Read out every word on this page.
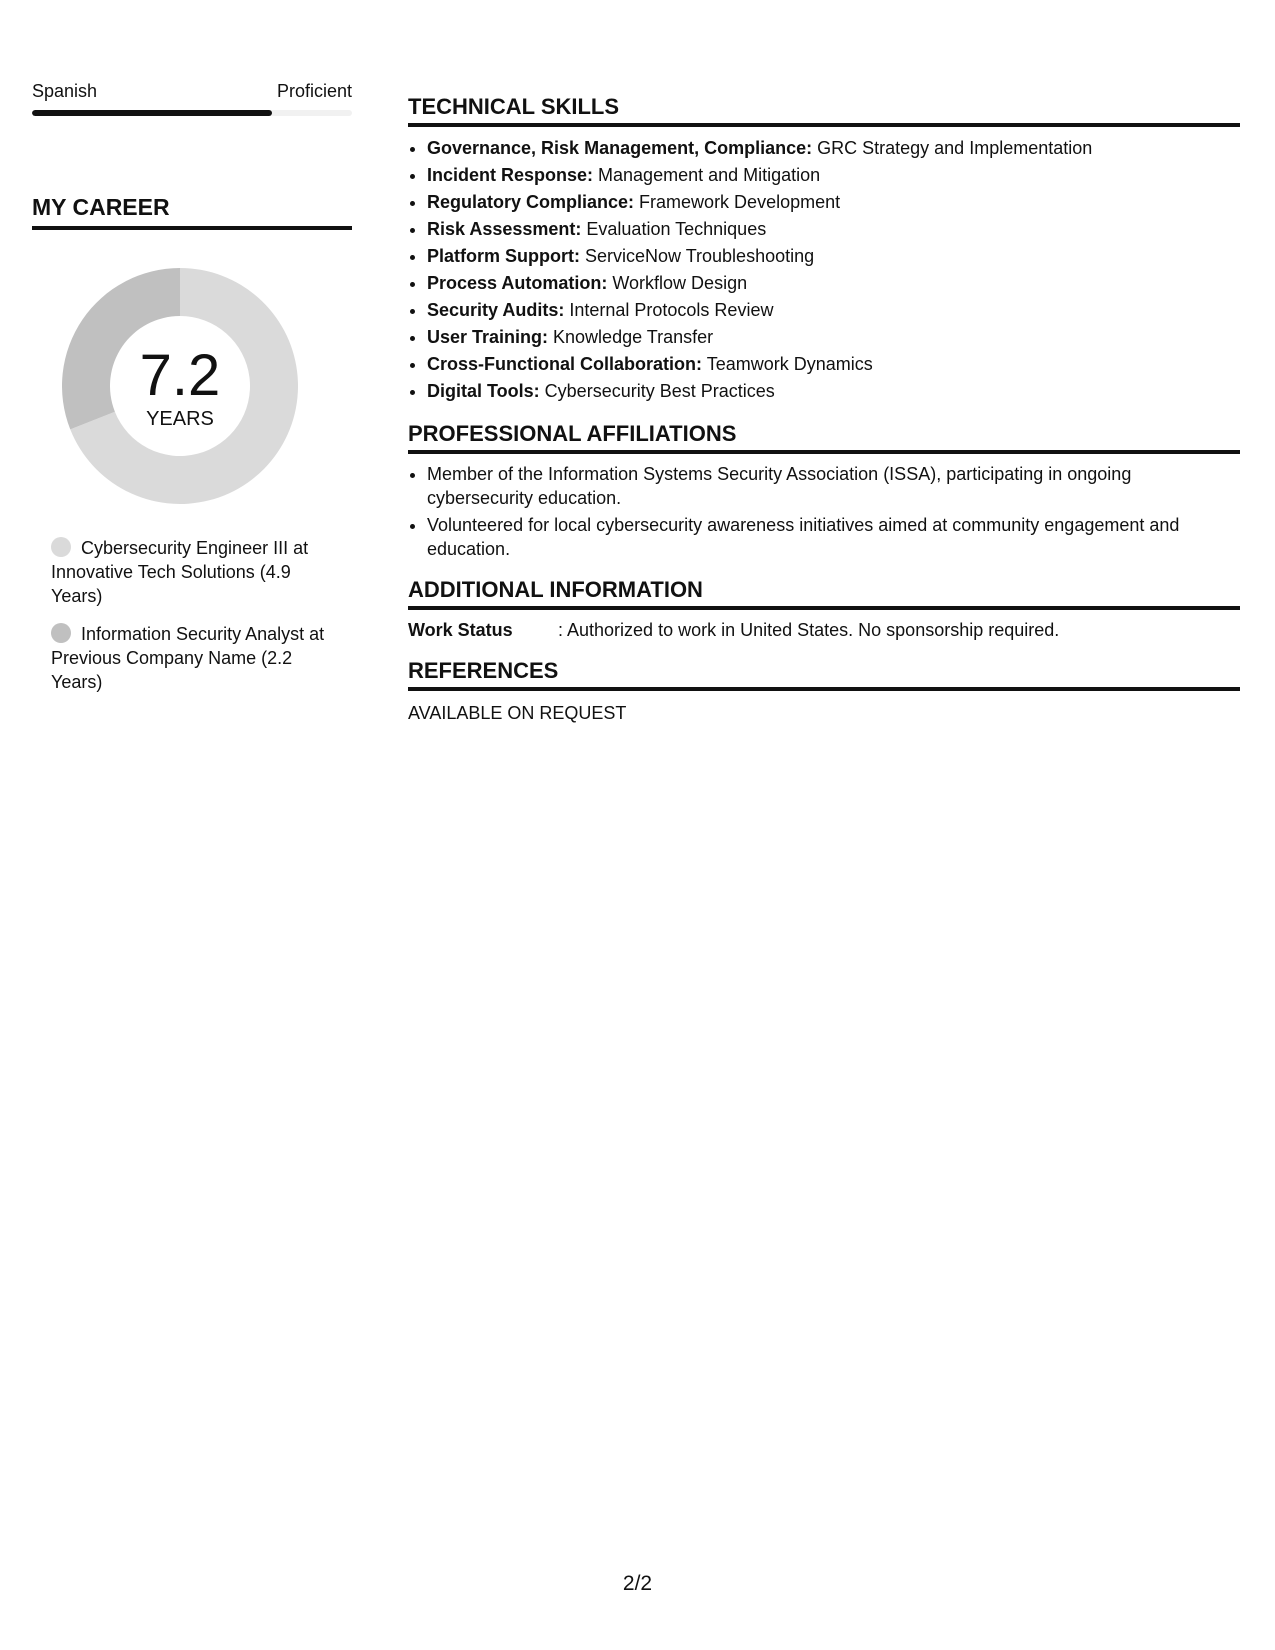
Spanish	Proficient
MY CAREER
7.2
YEARS
Cybersecurity Engineer III at Innovative Tech Solutions (4.9 Years)
Information Security Analyst at Previous Company Name (2.2 Years)
TECHNICAL SKILLS
• Governance, Risk Management, Compliance: GRC Strategy and Implementation
• Incident Response: Management and Mitigation
• Regulatory Compliance: Framework Development
• Risk Assessment: Evaluation Techniques
• Platform Support: ServiceNow Troubleshooting
• Process Automation: Workflow Design
• Security Audits: Internal Protocols Review
• User Training: Knowledge Transfer
• Cross-Functional Collaboration: Teamwork Dynamics
• Digital Tools: Cybersecurity Best Practices
PROFESSIONAL AFFILIATIONS
• Member of the Information Systems Security Association (ISSA), participating in ongoing cybersecurity education.
• Volunteered for local cybersecurity awareness initiatives aimed at community engagement and education.
ADDITIONAL INFORMATION
Work Status	: Authorized to work in United States. No sponsorship required.
REFERENCES
AVAILABLE ON REQUEST
2/2
